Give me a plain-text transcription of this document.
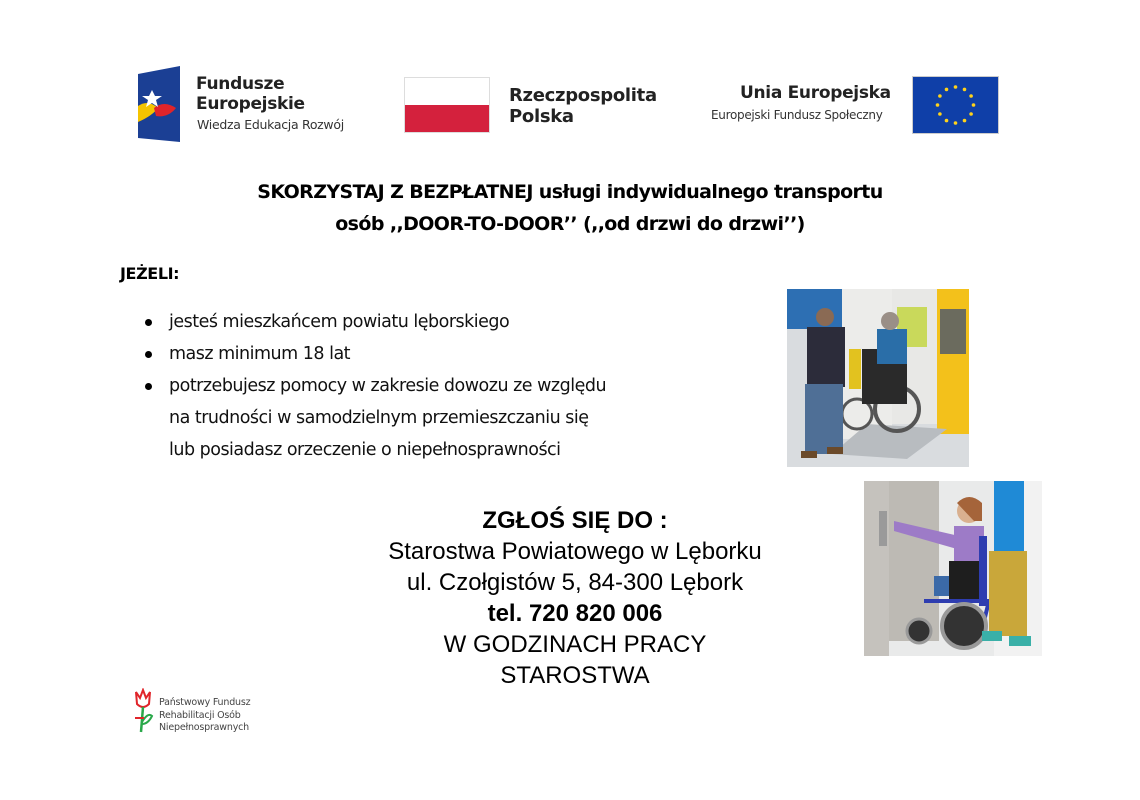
Fundusze
Europejskie
Wiedza Edukacja Rozwój
Rzeczpospolita
Polska
Unia Europejska
Europejski Fundusz Społeczny
SKORZYSTAJ Z BEZPŁATNEJ usługi indywidualnego transportu
osób ,,DOOR-TO-DOOR’’ (,,od drzwi do drzwi’’)
JEŻELI:
jesteś mieszkańcem powiatu lęborskiego
masz minimum 18 lat
potrzebujesz pomocy w zakresie dowozu ze względu
na trudności w samodzielnym przemieszczaniu się
lub posiadasz orzeczenie o niepełnosprawności
ZGŁOŚ SIĘ DO :
Starostwa Powiatowego w Lęborku
ul. Czołgistów 5, 84-300 Lębork
tel. 720 820 006
W GODZINACH PRACY
STAROSTWA
Państwowy Fundusz
Rehabilitacji Osób
Niepełnosprawnych
